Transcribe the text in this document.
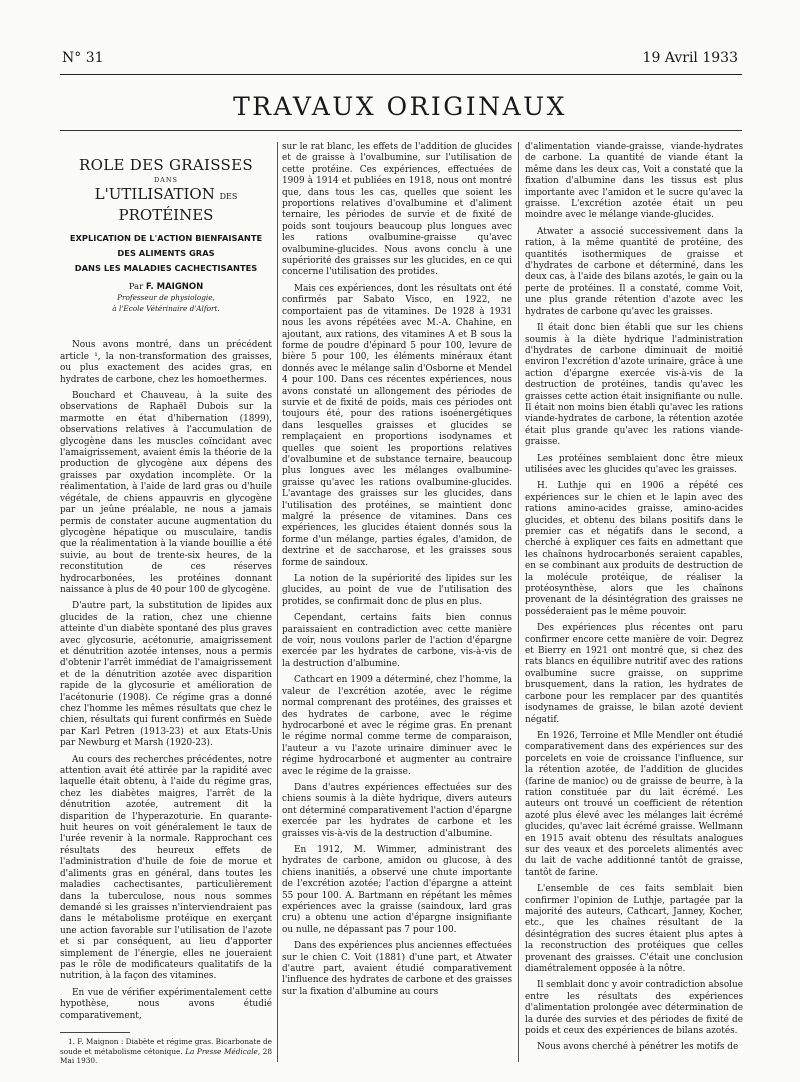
N° 31	19 Avril 1933
TRAVAUX ORIGINAUX
ROLE DES GRAISSES
DANS
L'UTILISATION DES PROTÉINES
EXPLICATION DE L'ACTION BIENFAISANTE
DES ALIMENTS GRAS
DANS LES MALADIES CACHECTISANTES
Par F. MAIGNON
Professeur de physiologie,
à l'Ecole Vétérinaire d'Alfort.

Nous avons montré, dans un précédent article ¹, la non-transformation des graisses, ou plus exactement des acides gras, en hydrates de carbone, chez les homoethermes.

Bouchard et Chauveau, à la suite des observations de Raphaël Dubois sur la marmotte en état d'hibernation (1899), observations relatives à l'accumulation de glycogène dans les muscles coïncidant avec l'amaigrissement, avaient émis la théorie de la production de glycogène aux dépens des graisses par oxydation incomplète. Or la réalimentation, à l'aide de lard gras ou d'huile végétale, de chiens appauvris en glycogène par un jeûne préalable, ne nous a jamais permis de constater aucune augmentation du glycogène hépatique ou musculaire, tandis que la réalimentation à la viande bouillie a été suivie, au bout de trente-six heures, de la reconstitution de ces réserves hydrocarbonées, les protéines donnant naissance à plus de 40 pour 100 de glycogène.

D'autre part, la substitution de lipides aux glucides de la ration, chez une chienne atteinte d'un diabète spontané des plus graves avec glycosurie, acétonurie, amaigrissement et dénutrition azotée intenses, nous a permis d'obtenir l'arrêt immédiat de l'amaigrissement et de la dénutrition azotée avec disparition rapide de la glycosurie et amélioration de l'acétonurie (1908). Ce régime gras a donné chez l'homme les mêmes résultats que chez le chien, résultats qui furent confirmés en Suède par Karl Petren (1913-23) et aux Etats-Unis par Newburg et Marsh (1920-23).

Au cours des recherches précédentes, notre attention avait été attirée par la rapidité avec laquelle était obtenu, à l'aide du régime gras, chez les diabètes maigres, l'arrêt de la dénutrition azotée, autrement dit la disparition de l'hyperazoturie. En quarante-huit heures on voit généralement le taux de l'urée revenir à la normale. Rapprochant ces résultats des heureux effets de l'administration d'huile de foie de morue et d'aliments gras en général, dans toutes les maladies cachectisantes, particulièrement dans la tuberculose, nous nous sommes demandé si les graisses n'interviendraient pas dans le métabolisme protéique en exerçant une action favorable sur l'utilisation de l'azote et si par conséquent, au lieu d'apporter simplement de l'énergie, elles ne joueraient pas le rôle de modificateurs qualitatifs de la nutrition, à la façon des vitamines.

En vue de vérifier expérimentalement cette hypothèse, nous avons étudié comparativement,

1. F. Maignon : Diabète et régime gras. Bicarbonate de soude et métabolisme cétonique. La Presse Médicale, 28 Mai 1930.

sur le rat blanc, les effets de l'addition de glucides et de graisse à l'ovalbumine, sur l'utilisation de cette protéine. Ces expériences, effectuées de 1909 à 1914 et publiées en 1918, nous ont montré que, dans tous les cas, quelles que soient les proportions relatives d'ovalbumine et d'aliment ternaire, les périodes de survie et de fixité de poids sont toujours beaucoup plus longues avec les rations ovalbumine-graisse qu'avec ovalbumine-glucides. Nous avons conclu à une supériorité des graisses sur les glucides, en ce qui concerne l'utilisation des protides.

Mais ces expériences, dont les résultats ont été confirmés par Sabato Visco, en 1922, ne comportaient pas de vitamines. De 1928 à 1931 nous les avons répétées avec M.-A. Chahine, en ajoutant, aux rations, des vitamines A et B sous la forme de poudre d'épinard 5 pour 100, levure de bière 5 pour 100, les éléments minéraux étant donnés avec le mélange salin d'Osborne et Mendel 4 pour 100. Dans ces récentes expériences, nous avons constaté un allongement des périodes de survie et de fixité de poids, mais ces périodes ont toujours été, pour des rations isoénergétiques dans lesquelles graisses et glucides se remplaçaient en proportions isodynames et quelles que soient les proportions relatives d'ovalbumine et de substance ternaire, beaucoup plus longues avec les mélanges ovalbumine-graisse qu'avec les rations ovalbumine-glucides. L'avantage des graisses sur les glucides, dans l'utilisation des protéines, se maintient donc malgré la présence de vitamines. Dans ces expériences, les glucides étaient donnés sous la forme d'un mélange, parties égales, d'amidon, de dextrine et de saccharose, et les graisses sous forme de saindoux.

La notion de la supériorité des lipides sur les glucides, au point de vue de l'utilisation des protides, se confirmait donc de plus en plus.

Cependant, certains faits bien connus paraissaient en contradiction avec cette manière de voir, nous voulons parler de l'action d'épargne exercée par les hydrates de carbone, vis-à-vis de la destruction d'albumine.

Cathcart en 1909 a déterminé, chez l'homme, la valeur de l'excrétion azotée, avec le régime normal comprenant des protéines, des graisses et des hydrates de carbone, avec le régime hydrocarboné et avec le régime gras. En prenant le régime normal comme terme de comparaison, l'auteur a vu l'azote urinaire diminuer avec le régime hydrocarboné et augmenter au contraire avec le régime de la graisse.

Dans d'autres expériences effectuées sur des chiens soumis à la diète hydrique, divers auteurs ont déterminé comparativement l'action d'épargne exercée par les hydrates de carbone et les graisses vis-à-vis de la destruction d'albumine.

En 1912, M. Wimmer, administrant des hydrates de carbone, amidon ou glucose, à des chiens inanitiés, a observé une chute importante de l'excrétion azotée; l'action d'épargne a atteint 55 pour 100. A. Bartmann en répétant les mêmes expériences avec la graisse (saindoux, lard gras cru) a obtenu une action d'épargne insignifiante ou nulle, ne dépassant pas 7 pour 100.

Dans des expériences plus anciennes effectuées sur le chien C. Voit (1881) d'une part, et Atwater d'autre part, avaient étudié comparativement l'influence des hydrates de carbone et des graisses sur la fixation d'albumine au cours

d'alimentation viande-graisse, viande-hydrates de carbone. La quantité de viande étant la même dans les deux cas, Voit a constaté que la fixation d'albumine dans les tissus est plus importante avec l'amidon et le sucre qu'avec la graisse. L'excrétion azotée était un peu moindre avec le mélange viande-glucides.

Atwater a associé successivement dans la ration, à la même quantité de protéine, des quantités isothermiques de graisse et d'hydrates de carbone et déterminé, dans les deux cas, à l'aide des bilans azotés, le gain ou la perte de protéines. Il a constaté, comme Voit, une plus grande rétention d'azote avec les hydrates de carbone qu'avec les graisses.

Il était donc bien établi que sur les chiens soumis à la diète hydrique l'administration d'hydrates de carbone diminuait de moitié environ l'excrétion d'azote urinaire, grâce à une action d'épargne exercée vis-à-vis de la destruction de protéines, tandis qu'avec les graisses cette action était insignifiante ou nulle. Il était non moins bien établi qu'avec les rations viande-hydrates de carbone, la rétention azotée était plus grande qu'avec les rations viande-graisse.

Les protéines semblaient donc être mieux utilisées avec les glucides qu'avec les graisses.

H. Luthje qui en 1906 a répété ces expériences sur le chien et le lapin avec des rations amino-acides graisse, amino-acides glucides, et obtenu des bilans positifs dans le premier cas et négatifs dans le second, a cherché à expliquer ces faits en admettant que les chaînons hydrocarbonés seraient capables, en se combinant aux produits de destruction de la molécule protéique, de réaliser la protéosynthèse, alors que les chaînons provenant de la désintégration des graisses ne posséderaient pas le même pouvoir.

Des expériences plus récentes ont paru confirmer encore cette manière de voir. Degrez et Bierry en 1921 ont montré que, si chez des rats blancs en équilibre nutritif avec des rations ovalbumine sucre graisse, on supprime brusquement, dans la ration, les hydrates de carbone pour les remplacer par des quantités isodynames de graisse, le bilan azoté devient négatif.

En 1926, Terroine et Mlle Mendler ont étudié comparativement dans des expériences sur des porcelets en voie de croissance l'influence, sur la rétention azotée, de l'addition de glucides (farine de manioc) ou de graisse de beurre, à la ration constituée par du lait écrémé. Les auteurs ont trouvé un coefficient de rétention azoté plus élevé avec les mélanges lait écrémé glucides, qu'avec lait écrémé graisse. Wellmann en 1915 avait obtenu des résultats analogues sur des veaux et des porcelets alimentés avec du lait de vache additionné tantôt de graisse, tantôt de farine.

L'ensemble de ces faits semblait bien confirmer l'opinion de Luthje, partagée par la majorité des auteurs, Cathcart, Janney, Kocher, etc., que les chaînes résultant de la désintégration des sucres étaient plus aptes à la reconstruction des protéiques que celles provenant des graisses. C'était une conclusion diamétralement opposée à la nôtre.

Il semblait donc y avoir contradiction absolue entre les résultats des expériences d'alimentation prolongée avec détermination de la durée des survies et des périodes de fixité de poids et ceux des expériences de bilans azotés.

Nous avons cherché à pénétrer les motifs de
